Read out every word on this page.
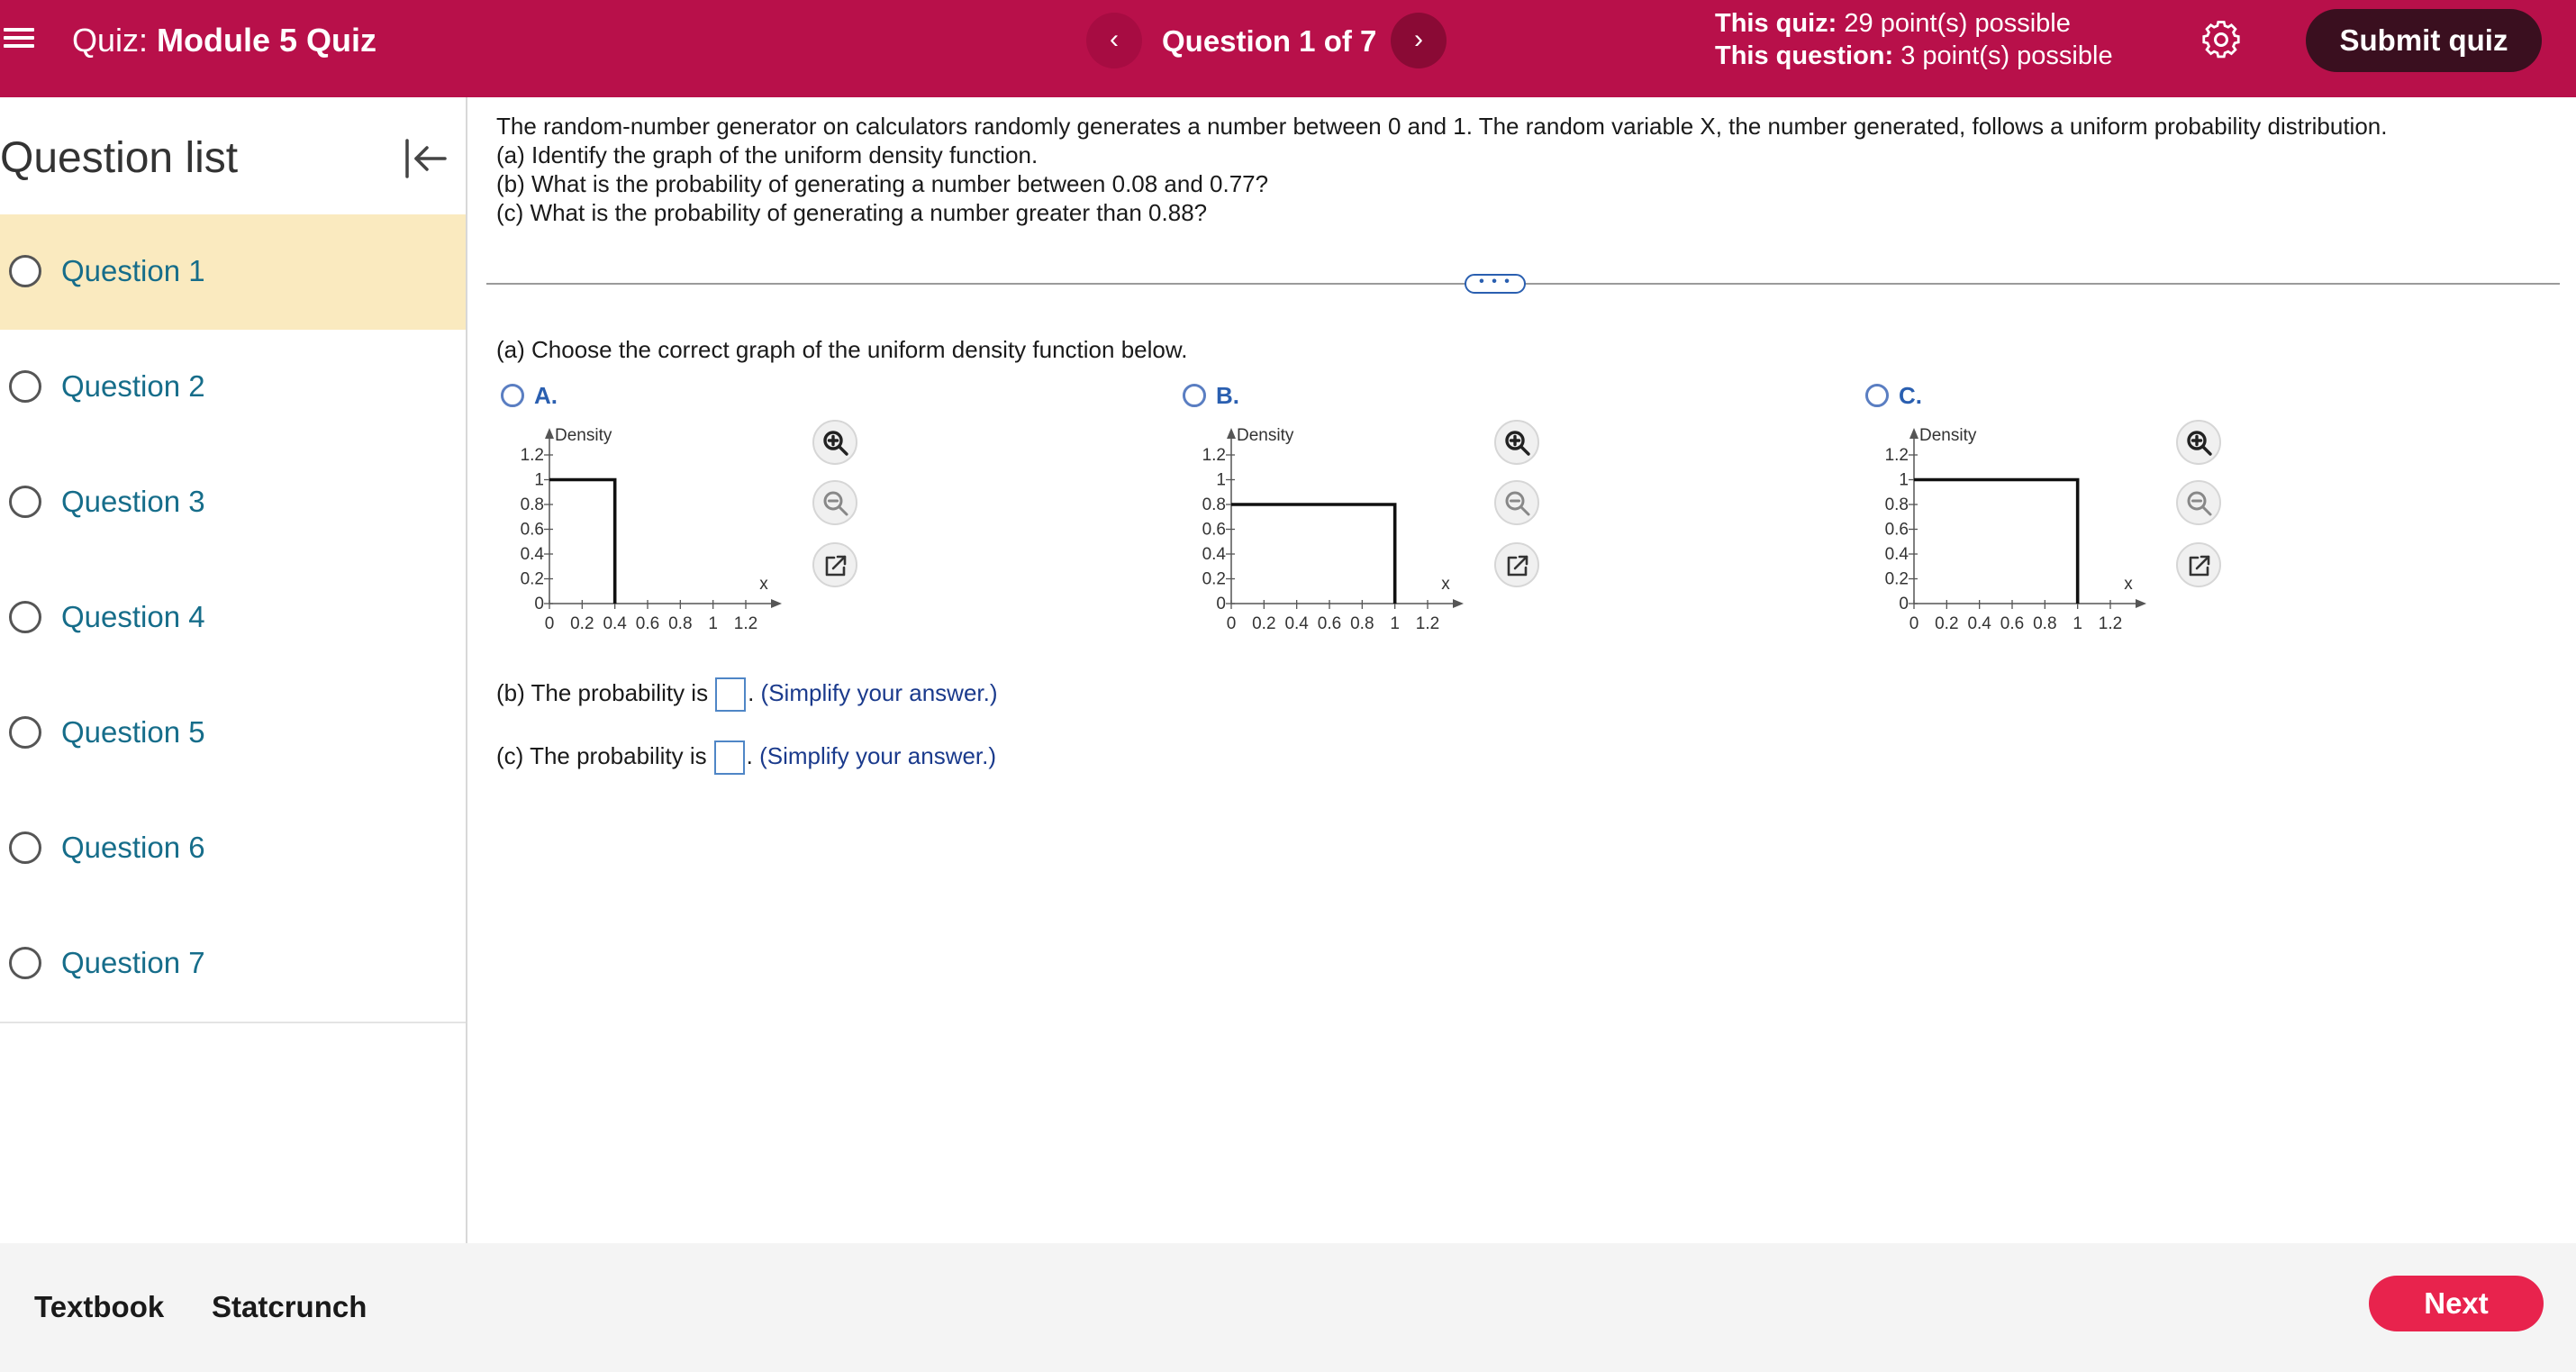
Quiz: Module 5 Quiz	‹	Question 1 of 7	›
This quiz: 29 point(s) possible
This question: 3 point(s) possible	Submit quiz
Question list
Question 1
Question 2
Question 3
Question 4
Question 5
Question 6
Question 7

The random-number generator on calculators randomly generates a number between 0 and 1. The random variable X, the number generated, follows a uniform probability distribution.

(a) Identify the graph of the uniform density function.

(b) What is the probability of generating a number between 0.08 and 0.77?

(c) What is the probability of generating a number greater than 0.88?

• • •
(a) Choose the correct graph of the uniform density function below.
A.
Density
x
0
0.2
0.4
0.6
0.8
1
1.2
0 0.2 0.4 0.6 0.8 1 1.2
B.
Density
x
0
0.2
0.4
0.6
0.8
1
1.2
0 0.2 0.4 0.6 0.8 1 1.2
C.
Density
x
0
0.2
0.4
0.6
0.8
1
1.2
0 0.2 0.4 0.6 0.8 1 1.2
(b) The probability is . (Simplify your answer.)
(c) The probability is . (Simplify your answer.)
Textbook Statcrunch	Next
